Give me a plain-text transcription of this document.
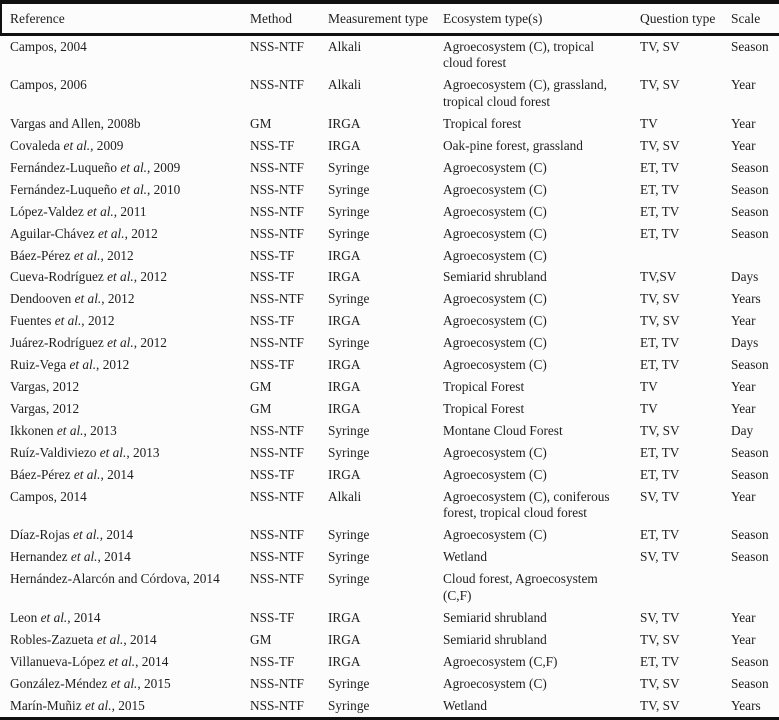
Reference	Method	Measurement type	Ecosystem type(s)	Question type	Scale
Campos, 2004	NSS-NTF	Alkali	Agroecosystem (C), tropical cloud forest	TV, SV	Season
Campos, 2006	NSS-NTF	Alkali	Agroecosystem (C), grassland, tropical cloud forest	TV, SV	Year
Vargas and Allen, 2008b	GM	IRGA	Tropical forest	TV	Year
Covaleda et al., 2009	NSS-TF	IRGA	Oak-pine forest, grassland	TV, SV	Year
Fernández-Luqueño et al., 2009	NSS-NTF	Syringe	Agroecosystem (C)	ET, TV	Season
Fernández-Luqueño et al., 2010	NSS-NTF	Syringe	Agroecosystem (C)	ET, TV	Season
López-Valdez et al., 2011	NSS-NTF	Syringe	Agroecosystem (C)	ET, TV	Season
Aguilar-Chávez et al., 2012	NSS-NTF	Syringe	Agroecosystem (C)	ET, TV	Season
Báez-Pérez et al., 2012	NSS-TF	IRGA	Agroecosystem (C)		
Cueva-Rodríguez et al., 2012	NSS-TF	IRGA	Semiarid shrubland	TV,SV	Days
Dendooven et al., 2012	NSS-NTF	Syringe	Agroecosystem (C)	TV, SV	Years
Fuentes et al., 2012	NSS-TF	IRGA	Agroecosystem (C)	TV, SV	Year
Juárez-Rodríguez et al., 2012	NSS-NTF	Syringe	Agroecosystem (C)	ET, TV	Days
Ruiz-Vega et al., 2012	NSS-TF	IRGA	Agroecosystem (C)	ET, TV	Season
Vargas, 2012	GM	IRGA	Tropical Forest	TV	Year
Vargas, 2012	GM	IRGA	Tropical Forest	TV	Year
Ikkonen et al., 2013	NSS-NTF	Syringe	Montane Cloud Forest	TV, SV	Day
Ruíz-Valdiviezo et al., 2013	NSS-NTF	Syringe	Agroecosystem (C)	ET, TV	Season
Báez-Pérez et al., 2014	NSS-TF	IRGA	Agroecosystem (C)	ET, TV	Season
Campos, 2014	NSS-NTF	Alkali	Agroecosystem (C), coniferous forest, tropical cloud forest	SV, TV	Year
Díaz-Rojas et al., 2014	NSS-NTF	Syringe	Agroecosystem (C)	ET, TV	Season
Hernandez et al., 2014	NSS-NTF	Syringe	Wetland	SV, TV	Season
Hernández-Alarcón and Córdova, 2014	NSS-NTF	Syringe	Cloud forest, Agroecosystem (C,F)		
Leon et al., 2014	NSS-TF	IRGA	Semiarid shrubland	SV, TV	Year
Robles-Zazueta et al., 2014	GM	IRGA	Semiarid shrubland	TV, SV	Year
Villanueva-López et al., 2014	NSS-TF	IRGA	Agroecosystem (C,F)	ET, TV	Season
González-Méndez et al., 2015	NSS-NTF	Syringe	Agroecosystem (C)	TV, SV	Season
Marín-Muñiz et al., 2015	NSS-NTF	Syringe	Wetland	TV, SV	Years
